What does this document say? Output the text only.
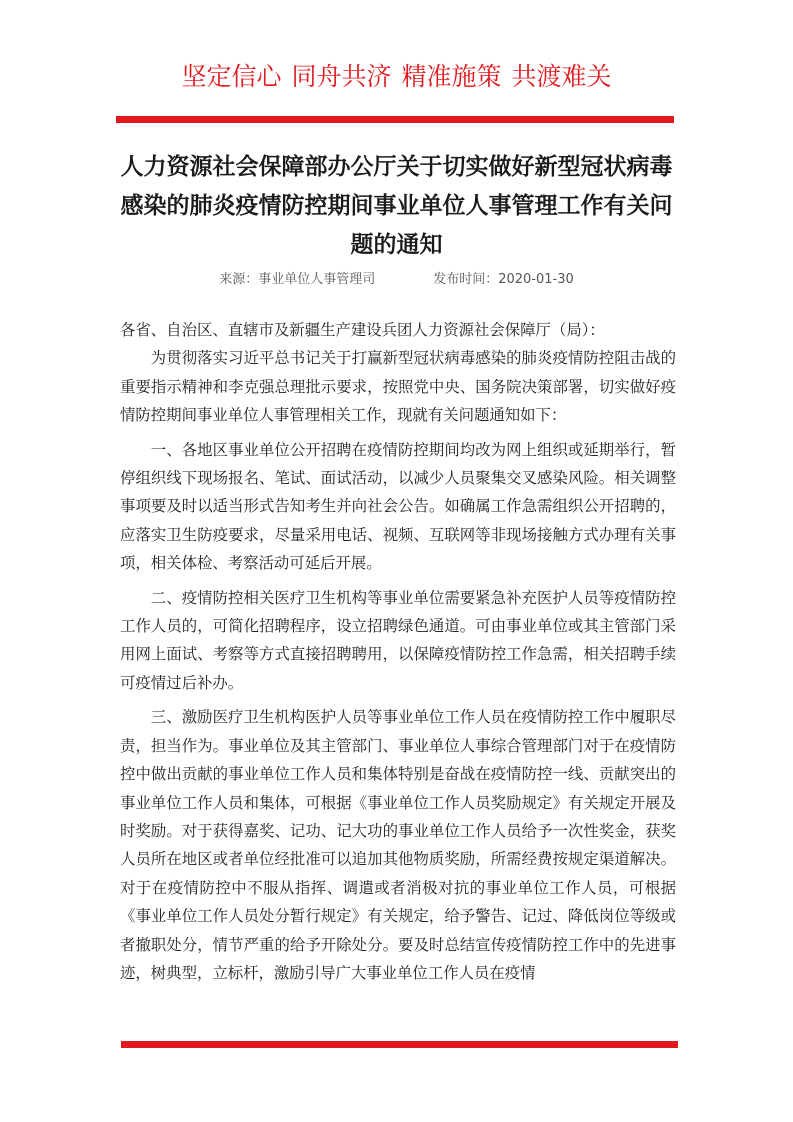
坚定信心 同舟共济 精准施策 共渡难关
人力资源社会保障部办公厅关于切实做好新型冠状病毒感染的肺炎疫情防控期间事业单位人事管理工作有关问题的通知
来源：事业单位人事管理司	发布时间：2020-01-30

各省、自治区、直辖市及新疆生产建设兵团人力资源社会保障厅（局）：

为贯彻落实习近平总书记关于打赢新型冠状病毒感染的肺炎疫情防控阻击战的重要指示精神和李克强总理批示要求，按照党中央、国务院决策部署，切实做好疫情防控期间事业单位人事管理相关工作，现就有关问题通知如下：

一、各地区事业单位公开招聘在疫情防控期间均改为网上组织或延期举行，暂停组织线下现场报名、笔试、面试活动，以减少人员聚集交叉感染风险。相关调整事项要及时以适当形式告知考生并向社会公告。如确属工作急需组织公开招聘的，应落实卫生防疫要求，尽量采用电话、视频、互联网等非现场接触方式办理有关事项，相关体检、考察活动可延后开展。

二、疫情防控相关医疗卫生机构等事业单位需要紧急补充医护人员等疫情防控工作人员的，可简化招聘程序，设立招聘绿色通道。可由事业单位或其主管部门采用网上面试、考察等方式直接招聘聘用，以保障疫情防控工作急需，相关招聘手续可疫情过后补办。

三、激励医疗卫生机构医护人员等事业单位工作人员在疫情防控工作中履职尽责，担当作为。事业单位及其主管部门、事业单位人事综合管理部门对于在疫情防控中做出贡献的事业单位工作人员和集体特别是奋战在疫情防控一线、贡献突出的事业单位工作人员和集体，可根据《事业单位工作人员奖励规定》有关规定开展及时奖励。对于获得嘉奖、记功、记大功的事业单位工作人员给予一次性奖金，获奖人员所在地区或者单位经批准可以追加其他物质奖励，所需经费按规定渠道解决。对于在疫情防控中不服从指挥、调遣或者消极对抗的事业单位工作人员，可根据《事业单位工作人员处分暂行规定》有关规定，给予警告、记过、降低岗位等级或者撤职处分，情节严重的给予开除处分。要及时总结宣传疫情防控工作中的先进事迹，树典型，立标杆，激励引导广大事业单位工作人员在疫情
